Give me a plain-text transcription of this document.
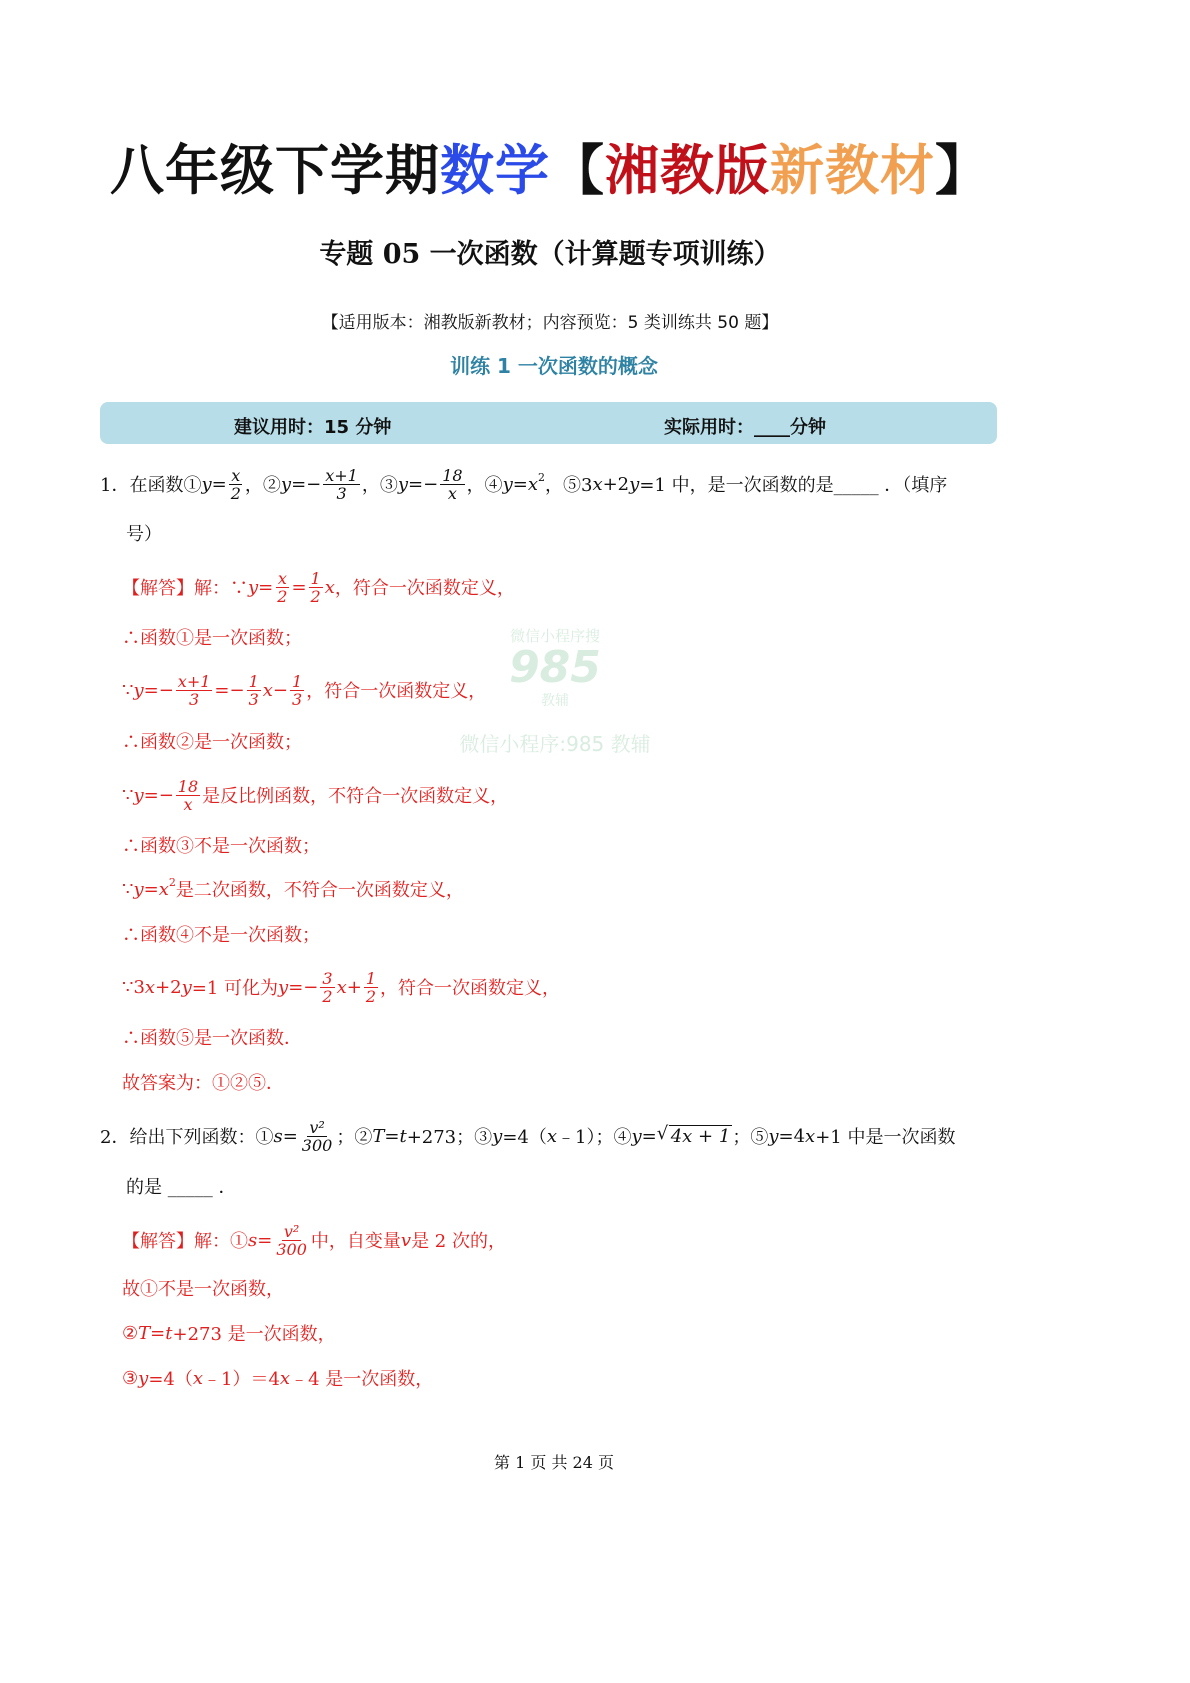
八年级下学期数学【湘教版新教材】
专题 05 一次函数（计算题专项训练）
【适用版本：湘教版新教材；内容预览：5 类训练共 50 题】
训练 1 一次函数的概念
建议用时：15 分钟	实际用时：____分钟
微信小程序搜
985
教辅
微信小程序:985 教辅
1．在函数① $y = \frac{x}{2}$ ，② $y =- \frac{x+1}{3}$ ，③ $y =- \frac{18}{x}$ ，④ y = x 2 ，⑤3 x +2 y =1 中，是一次函数的是_____ ．（填序
号）
【解答】解：∵ $y = \frac{x}{2} = \frac{1}{2}$ x ，符合一次函数定义，
∴函数①是一次函数；
∵ $y =- \frac{x+1}{3} =- \frac{1}{3}$ $x - \frac{1}{3}$ ，符合一次函数定义，
∴函数②是一次函数；
∵ $y =- \frac{18}{x}$ 是反比例函数，不符合一次函数定义，
∴函数③不是一次函数；
∵ y = x 2 是二次函数，不符合一次函数定义，
∴函数④不是一次函数；
∵3 x +2 y =1 可化为 $y =- \frac{3}{2}$ $x + \frac{1}{2}$ ，符合一次函数定义，
∴函数⑤是一次函数．
故答案为：①②⑤．
2．给出下列函数：① $s = \frac{\text{v²}}{300}$ ；② T = t +273；③ y =4（ x ﹣1）；④ y = √ 4x + 1 ；⑤ y =4 x +1 中是一次函数
的是 _____ ．
【解答】解：① $s = \frac{\text{v²}}{300}$ 中，自变量 v 是 2 次的，
故①不是一次函数，
② T = t +273 是一次函数，
③ y =4（ x ﹣1）＝4 x ﹣4 是一次函数，
第 1 页 共 24 页
